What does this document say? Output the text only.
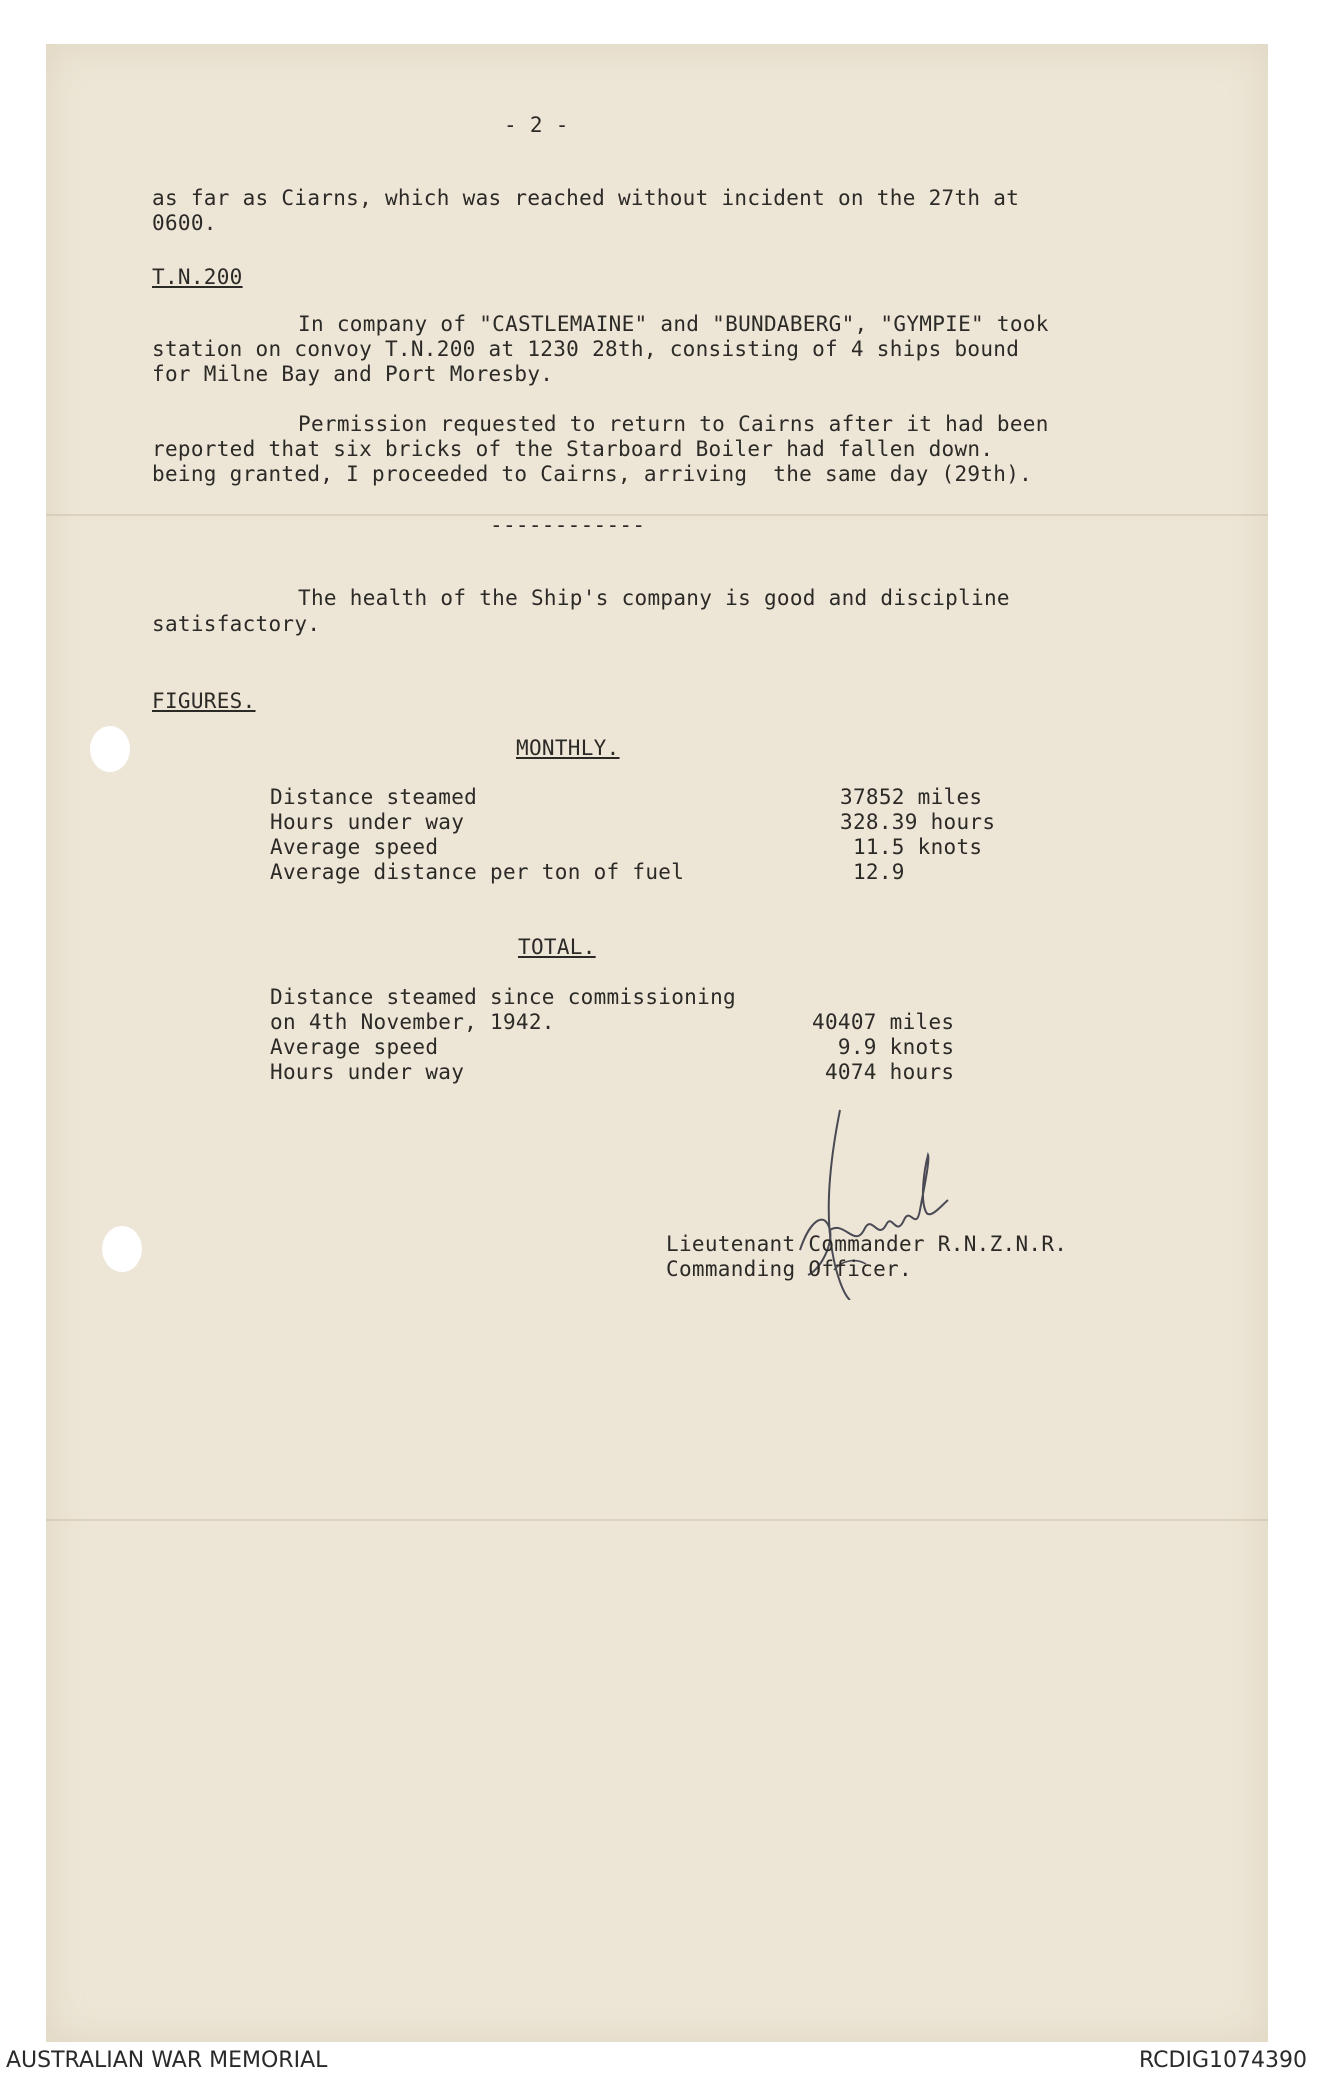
- 2 -
as far as Ciarns, which was reached without incident on the 27th at
0600.
T.N.200
In company of "CASTLEMAINE" and "BUNDABERG", "GYMPIE" took
station on convoy T.N.200 at 1230 28th, consisting of 4 ships bound
for Milne Bay and Port Moresby.
Permission requested to return to Cairns after it had been
reported that six bricks of the Starboard Boiler had fallen down.
being granted, I proceeded to Cairns, arriving  the same day (29th).
------------
The health of the Ship's company is good and discipline
satisfactory.
FIGURES.
MONTHLY.
Distance steamed	37852 miles
Hours under way	328.39 hours
Average speed	11.5 knots
Average distance per ton of fuel	12.9
TOTAL.
Distance steamed since commissioning
on 4th November, 1942.	40407 miles
Average speed	9.9 knots
Hours under way	4074 hours
Lieutenant Commander R.N.Z.N.R.
Commanding Officer.
AUSTRALIAN WAR MEMORIAL	RCDIG1074390
